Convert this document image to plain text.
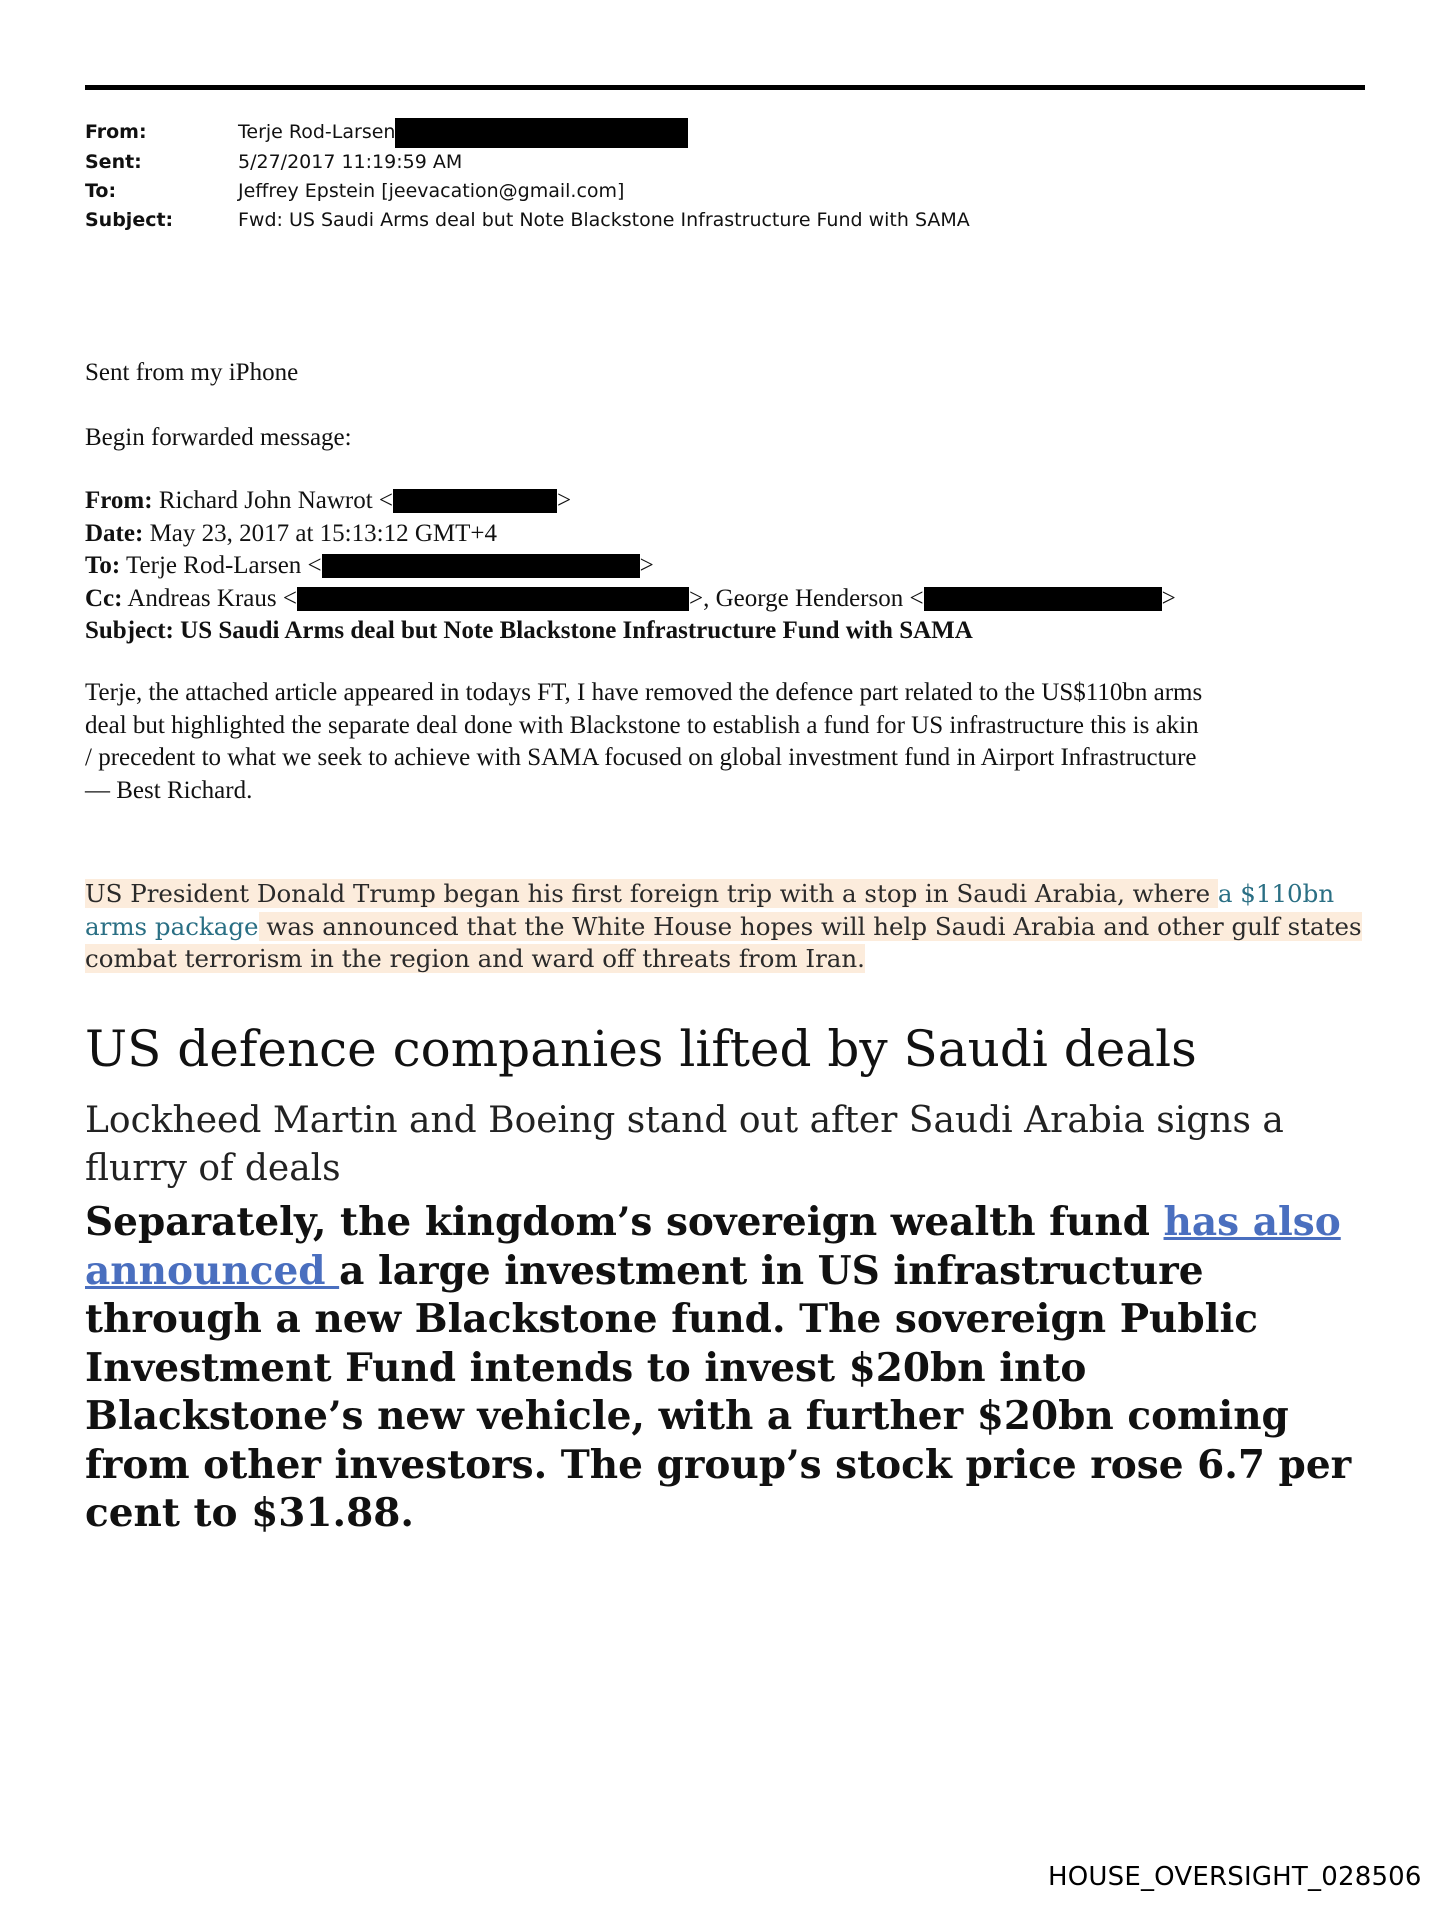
From:	Terje Rod-Larsen
Sent:	5/27/2017 11:19:59 AM
To:	Jeffrey Epstein [jeevacation@gmail.com]
Subject:	Fwd: US Saudi Arms deal but Note Blackstone Infrastructure Fund with SAMA
Sent from my iPhone
Begin forwarded message:
From: Richard John Nawrot <	>
Date: May 23, 2017 at 15:13:12 GMT+4
To: Terje Rod-Larsen <	>
Cc: Andreas Kraus <	>, George Henderson <	>
Subject: US Saudi Arms deal but Note Blackstone Infrastructure Fund with SAMA
Terje, the attached article appeared in todays FT, I have removed the defence part related to the US$110bn arms
deal but highlighted the separate deal done with Blackstone to establish a fund for US infrastructure this is akin
/ precedent to what we seek to achieve with SAMA focused on global investment fund in Airport Infrastructure
— Best Richard.
US President Donald Trump began his first foreign trip with a stop in Saudi Arabia, where a $110bn
arms package was announced that the White House hopes will help Saudi Arabia and other gulf states
combat terrorism in the region and ward off threats from Iran.
US defence companies lifted by Saudi deals
Lockheed Martin and Boeing stand out after Saudi Arabia signs a
flurry of deals
Separately, the kingdom’s sovereign wealth fund has also
announced a large investment in US infrastructure
through a new Blackstone fund. The sovereign Public
Investment Fund intends to invest $20bn into
Blackstone’s new vehicle, with a further $20bn coming
from other investors. The group’s stock price rose 6.7 per
cent to $31.88.
HOUSE_OVERSIGHT_028506
